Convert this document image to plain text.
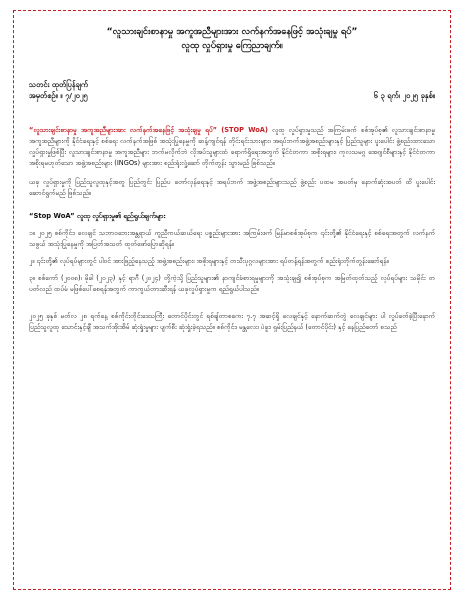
“လူသားချင်းစာနာမှု အကူအညီများအား လက်နက်အနေဖြင့် အသုံးချမှု ရပ်”

လူထု လှုပ်ရှားမှု ကြေညာချက်။

သတင်း ထုတ်ပြန်ချက်
အမှတ်စဉ်။ ။ ၇/၂၀၂၅	၆ ၃ ရက်၊ ၂၀၂၅ ခုနှစ်။

“လူသားချင်းစာနာမှု အကူအညီများအား လက်နက်အနေဖြင့် အသုံးချမှု ရပ်” (STOP WoA) လူထု လှုပ်ရှားမှုသည် အကြမ်းဖက် စစ်အုပ်စု၏ လူသားချင်းစာနာမှု အကူအညီများကို နိုင်ငံရေးနှင့် စစ်ရေး လက်နက်အဖြစ် အသုံးပြုနေမှုကို ဆန့်ကျင်ရန် တိုင်းရင်းသားများ၊ အရပ်ဘက်အဖွဲ့အစည်းများနှင့် ပြည်သူများ ပူးပေါင်း ဖွဲ့စည်းထားသော လှုပ်ရှားမှုဖြစ်ပြီး လူသားချင်းစာနာမှု အကူအညီများ ဘက်မလိုက်ဘဲ လိုအပ်သူများထံ ရောက်ရှိရေးအတွက် နိုင်ငံတကာ အစိုးရများ၊ ကုလသမဂ္ဂ အေဂျင်စီများနှင့် နိုင်ငံတကာ အစိုးရမဟုတ်သော အဖွဲ့အစည်းများ (INGOs) များအား စည်းရုံးလှုံ့ဆော် တိုက်တွန်း သွားမည် ဖြစ်သည်။

ယခု လှုပ်ရှားမှုကို ပြည်သူလူထုနှင့်အတူ ပြည်တွင်း ပြည်ပ တော်လှန်ရေးနှင့် အရပ်ဘက် အဖွဲ့အစည်းများသည် ဖွဲ့စည်း ပထမ အပတ်မှ နောက်ဆုံးအပတ် ထိ ပူးပေါင်း ဆောင်ရွက်မည် ဖြစ်သည်။

“Stop WoA” လူထု လှုပ်ရှားမှု၏ ရည်ရွယ်ချက်များ

၁။ ၂၀၂၅ စစ်ကိုင်း၊ လေချင် သဘာဝဘေးအန္တရာယ် ကူညီကယ်ဆယ်ရေး ပစ္စည်းများအား အကြမ်းဖက် မြန်မာစစ်အုပ်စုက ၎င်းတို့၏ နိုင်ငံရေးနှင့် စစ်ရေးအတွက် လက်နက်သဖွယ် အသုံးပြုနေမှုကို အပြတ်အသတ် ထုတ်ဖော်ပြောဆိုရန်။

၂။ ၎င်းတို့၏ လုပ်ရပ်များတွင် ပါဝင် အားဖြည့်နေသည့် အဖွဲ့အစည်းများ၊ အစိုးရများနှင့် တသီးပုဂ္ဂလများအား ရပ်တန့်ရန်အတွက် စည်းရုံးတိုက်တွန်းဆော်ရန်။

၃။ စစ်ကော် (၂၀၀၈)၊ မိုခါ (၂၀၂၃) နှင့် ရာဂီ (၂၀၂၄) တို့ကဲ့သို့ ပြည်သူများ၏ နာကျင်ခံစားရမှုများကို အသုံးချ၍ စစ်အုပ်စုက အမြတ်ထုတ်သည့် လုပ်ရပ်များ သမိုင်း တပတ်လည် ထပ်မံ မဖြစ်ပေါ်စေရန်အတွက် ကာကွယ်တားဆီးရန် ယခုလှုပ်ရှားမှုက ရည်ရွယ်ပါသည်။

၂၀၂၅ ခုနှစ် မတ်လ ၂၈ ရက်နေ့ စစ်ကိုင်းတိုင်းဒေသကြီး တောင်ပိုင်းတွင် ရစ်ချ်တာစကေး ၇.၇ အဆင့်ရှိ လေချင်နှင့် နောက်ဆက်တွဲ လေချင်များ ပါ လှုပ်ခတ်ခဲ့ပြီးနောက် ပြည်သူလူထု သောင်းနှင့်ချီ အသက်အိုးအိမ် ဆုံးရှုံးမှုများ ပျက်စီး ဆုံးရှုံးခဲ့ရသည်။ စစ်ကိုင်း၊ မန္တလေး၊ ပဲခူး၊ ရှမ်းပြည်နယ် (တောင်ပိုင်း) နှင့် နေပြည်တော် စသည်
